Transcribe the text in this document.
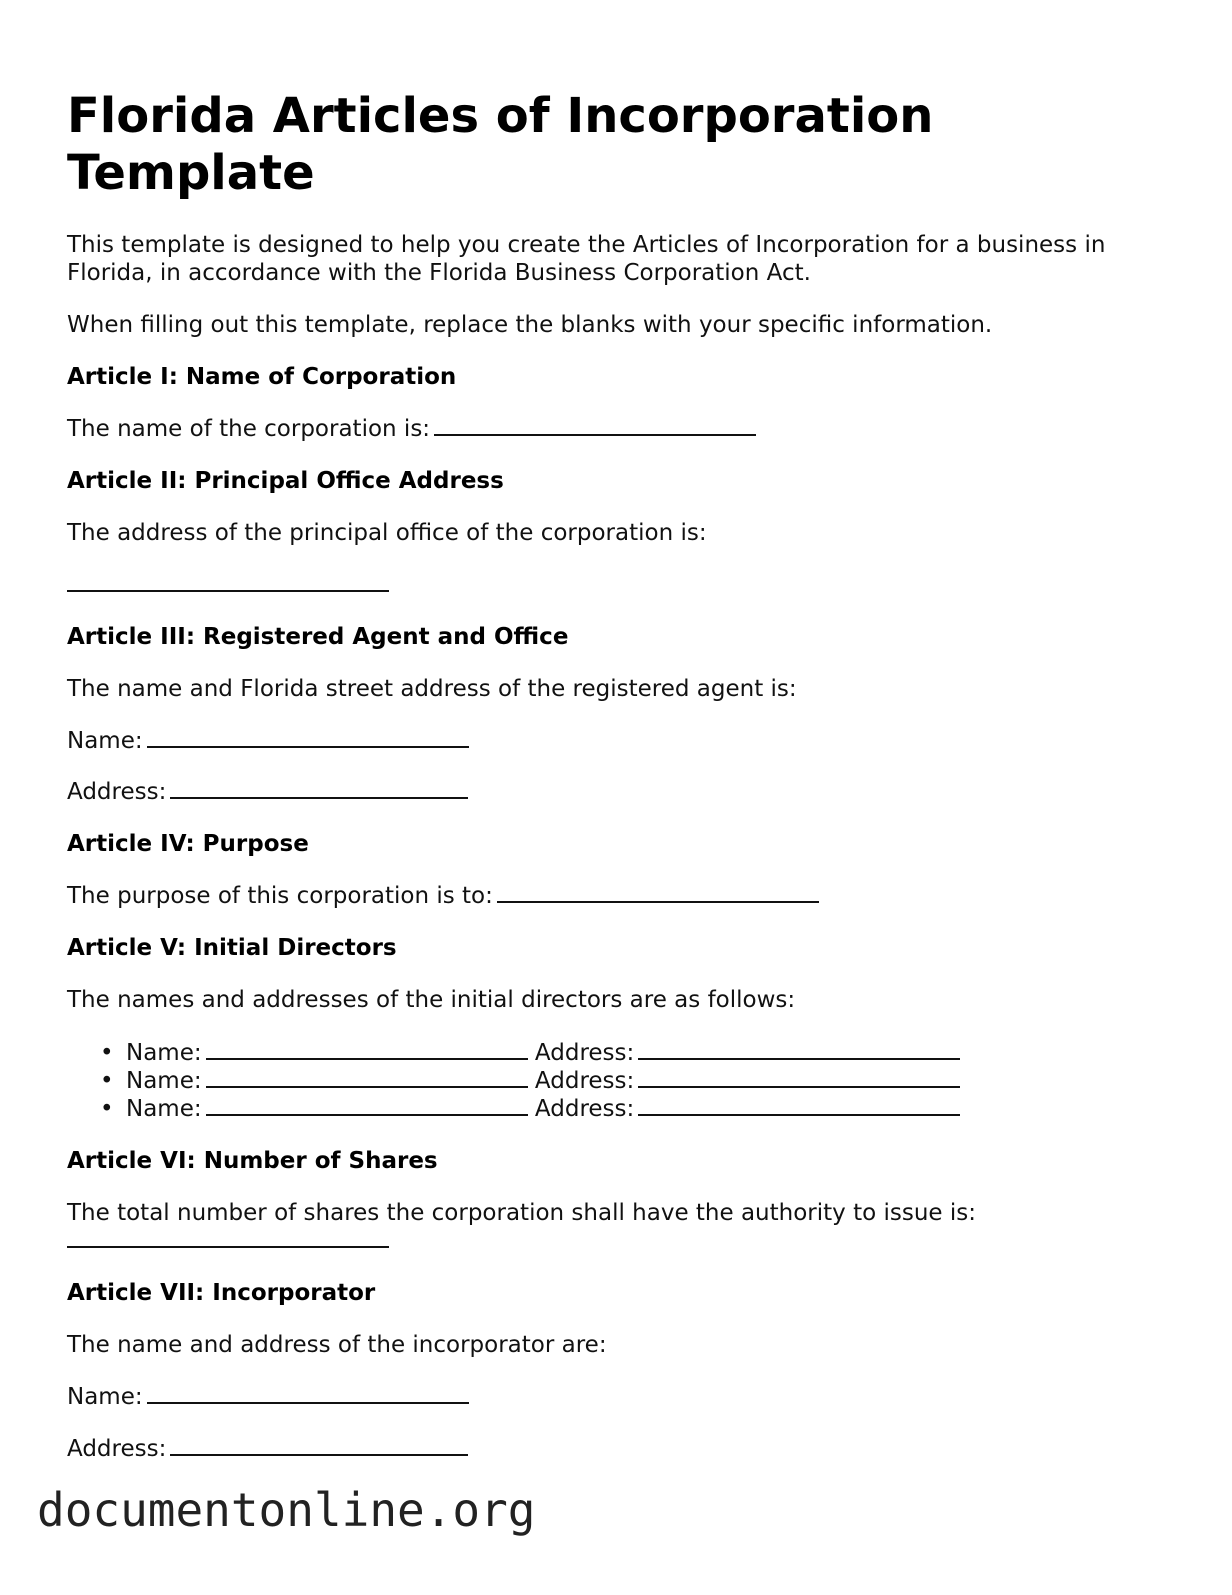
Florida Articles of Incorporation Template

This template is designed to help you create the Articles of Incorporation for a business in

Florida, in accordance with the Florida Business Corporation Act.

When filling out this template, replace the blanks with your specific information.

Article I: Name of Corporation

The name of the corporation is:

Article II: Principal Office Address

The address of the principal office of the corporation is:

Article III: Registered Agent and Office

The name and Florida street address of the registered agent is:

Name:

Address:

Article IV: Purpose

The purpose of this corporation is to:

Article V: Initial Directors

The names and addresses of the initial directors are as follows:

• Name:	Address:
• Name:	Address:
• Name:	Address:

Article VI: Number of Shares

The total number of shares the corporation shall have the authority to issue is:

Article VII: Incorporator

The name and address of the incorporator are:

Name:

Address:

documentonline.org
